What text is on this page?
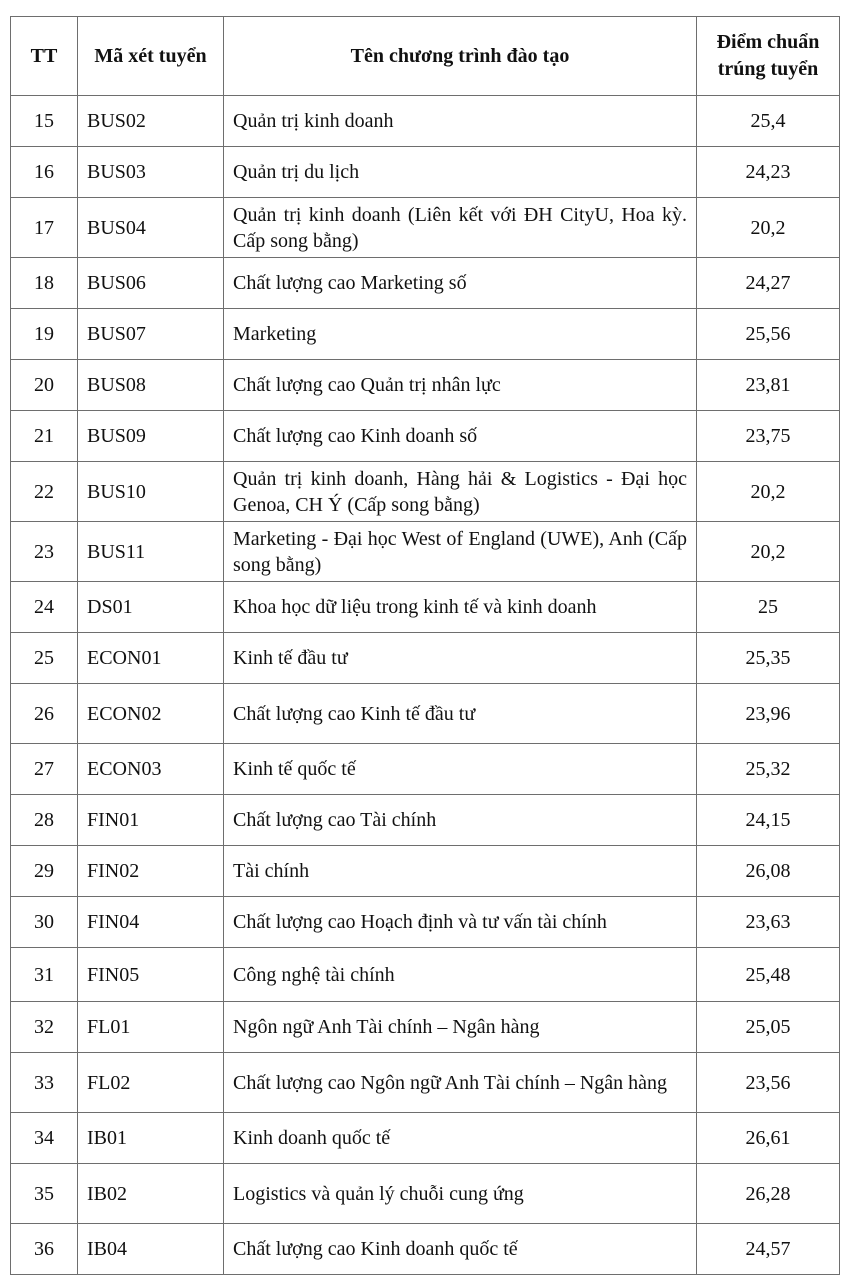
TT	Mã xét tuyển	Tên chương trình đào tạo	Điểm chuẩn trúng tuyển
15	BUS02	Quản trị kinh doanh	25,4
16	BUS03	Quản trị du lịch	24,23
17	BUS04	Quản trị kinh doanh (Liên kết với ĐH CityU, Hoa kỳ. Cấp song bằng)	20,2
18	BUS06	Chất lượng cao Marketing số	24,27
19	BUS07	Marketing	25,56
20	BUS08	Chất lượng cao Quản trị nhân lực	23,81
21	BUS09	Chất lượng cao Kinh doanh số	23,75
22	BUS10	Quản trị kinh doanh, Hàng hải & Logistics - Đại học Genoa, CH Ý (Cấp song bằng)	20,2
23	BUS11	Marketing - Đại học West of England (UWE), Anh (Cấp song bằng)	20,2
24	DS01	Khoa học dữ liệu trong kinh tế và kinh doanh	25
25	ECON01	Kinh tế đầu tư	25,35
26	ECON02	Chất lượng cao Kinh tế đầu tư	23,96
27	ECON03	Kinh tế quốc tế	25,32
28	FIN01	Chất lượng cao Tài chính	24,15
29	FIN02	Tài chính	26,08
30	FIN04	Chất lượng cao Hoạch định và tư vấn tài chính	23,63
31	FIN05	Công nghệ tài chính	25,48
32	FL01	Ngôn ngữ Anh Tài chính – Ngân hàng	25,05
33	FL02	Chất lượng cao Ngôn ngữ Anh Tài chính – Ngân hàng	23,56
34	IB01	Kinh doanh quốc tế	26,61
35	IB02	Logistics và quản lý chuỗi cung ứng	26,28
36	IB04	Chất lượng cao Kinh doanh quốc tế	24,57
